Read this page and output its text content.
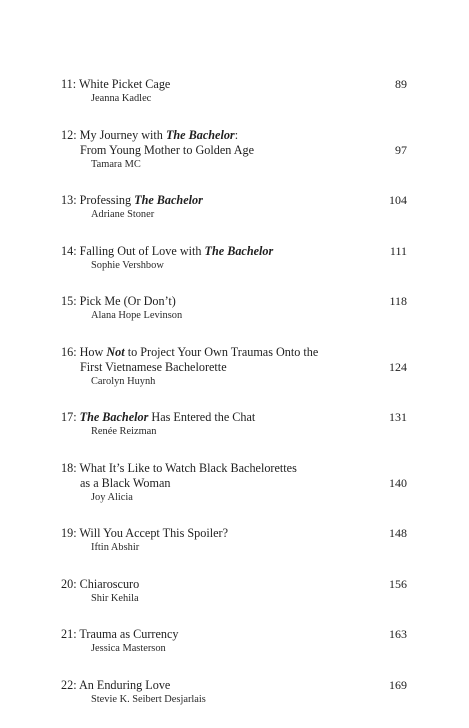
11: White Picket Cage	89
Jeanna Kadlec
12: My Journey with The Bachelor:
From Young Mother to Golden Age	97
Tamara MC
13: Professing The Bachelor	104
Adriane Stoner
14: Falling Out of Love with The Bachelor	111
Sophie Vershbow
15: Pick Me (Or Don’t)	118
Alana Hope Levinson
16: How Not to Project Your Own Traumas Onto the
First Vietnamese Bachelorette	124
Carolyn Huynh
17: The Bachelor Has Entered the Chat	131
Renée Reizman
18: What It’s Like to Watch Black Bachelorettes
as a Black Woman	140
Joy Alicia
19: Will You Accept This Spoiler?	148
Iftin Abshir
20: Chiaroscuro	156
Shir Kehila
21: Trauma as Currency	163
Jessica Masterson
22: An Enduring Love	169
Stevie K. Seibert Desjarlais
